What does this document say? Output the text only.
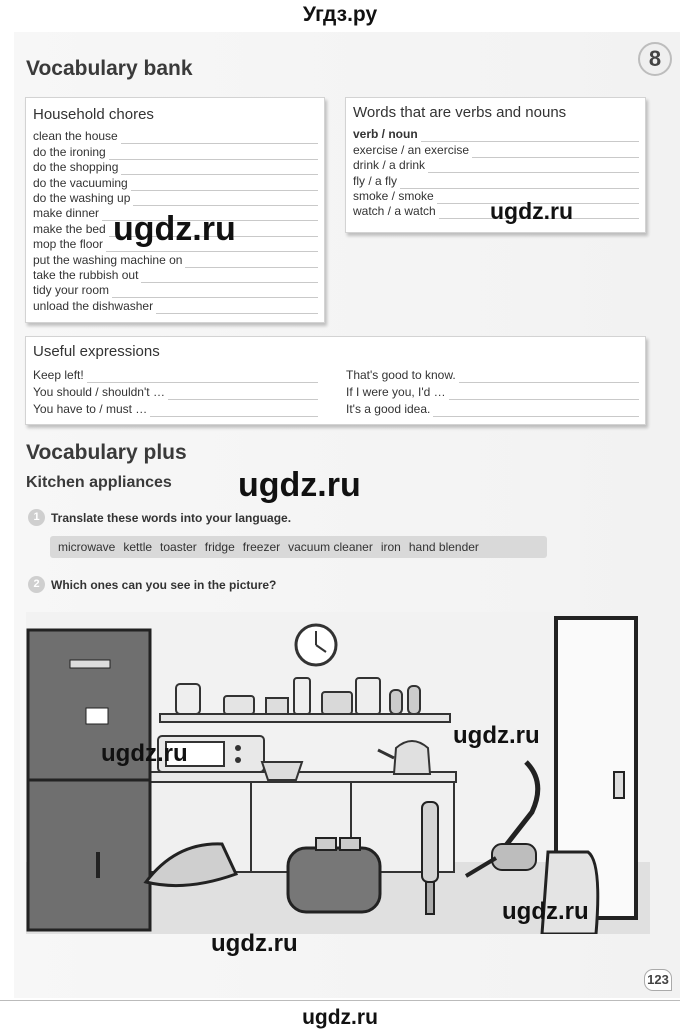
Угдз.ру
8
Vocabulary bank
Household chores
clean the house
do the ironing
do the shopping
do the vacuuming
do the washing up
make dinner
make the bed
mop the floor
put the washing machine on
take the rubbish out
tidy your room
unload the dishwasher
Words that are verbs and nouns
verb / noun
exercise / an exercise
drink / a drink
fly / a fly
smoke / smoke
watch / a watch
Useful expressions
Keep left!
You should / shouldn't …
You have to / must …
That's good to know.
If I were you, I'd …
It's a good idea.
Vocabulary plus
Kitchen appliances
1 Translate these words into your language.
microwave kettle toaster fridge freezer vacuum cleaner iron hand blender
2 Which ones can you see in the picture?
123
ugdz.ru	ugdz.ru
ugdz.ru
ugdz.ru
ugdz.ru
ugdz.ru
ugdz.ru
ugdz.ru
